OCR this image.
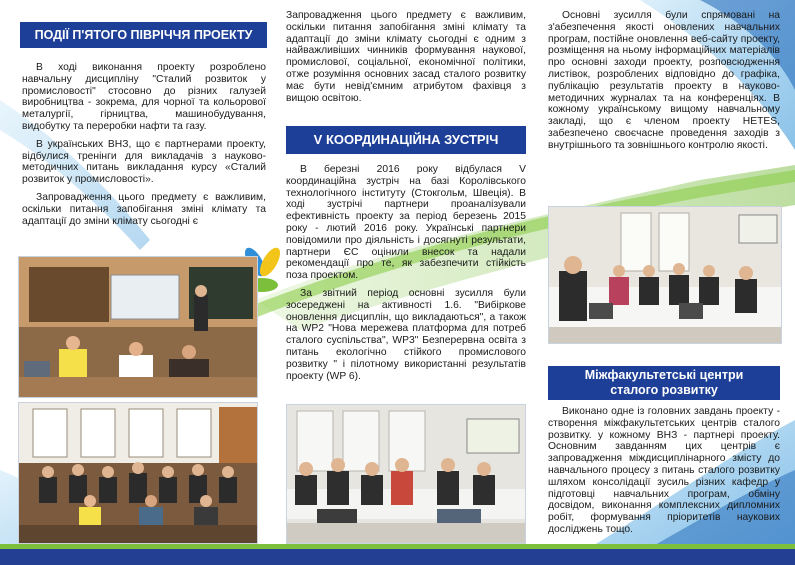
ПОДІЇ П'ЯТОГО ПІВРІЧЧЯ ПРОЕКТУ

В ході виконання проекту розроблено навчальну дисципліну "Сталий розвиток у промисловості" стосовно до різних галузей виробництва - зокрема, для чорної та кольорової металургії, гірництва, машинобудування, видобутку та переробки нафти та газу.

В українських ВНЗ, що є партнерами проекту, відбулися тренінги для викладачів з науково-методичних питань викладання курсу «Сталий розвиток у промисловості».

Запровадження цього предмету є важливим, оскільки питання запобігання зміні клімату та адаптації до зміни клімату сьогодні є

Запровадження цього предмету є важливим, оскільки питання запобігання зміні клімату та адаптації до зміни клімату сьогодні є одним з найважливіших чинників формування наукової, промислової, соціальної, економічної політики, отже розуміння основних засад сталого розвитку має бути невід'ємним атрибутом фахівця з вищою освітою.

V КООРДИНАЦІЙНА ЗУСТРІЧ

В березні 2016 року відбулася V координаційна зустріч на базі Королівського технологічного інституту (Стокгольм, Швеція). В ході зустрічі партнери проаналізували ефективність проекту за період березень 2015 року - лютий 2016 року. Українські партнери повідомили про діяльність і досягнуті результати, партнери ЄС оцінили внесок та надали рекомендації про те, як забезпечити стійкість поза проектом.

За звітний період основні зусилля були зосереджені на активності 1.6. "Вибіркове оновлення дисциплін, що викладаються", а також на WP2 "Нова мережева платформа для потреб сталого суспільства", WP3" Безперервна освіта з питань екологічно стійкого промислового розвитку " і пілотному використанні результатів проекту (WP 6).

Основні зусилля були спрямовані на з'абезпечення якості оновлених навчальних програм, постійне оновлення веб-сайту проекту, розміщення на ньому інформаційних матеріалів про основні заходи проекту, розповсюдження листівок, розроблених відповідно до графіка, публікацію результатів проекту в науково-методичних журналах та на конференціях. В кожному українському вищому навчальному закладі, що є членом проекту HETES, забезпечено своєчасне проведення заходів з внутрішнього та зовнішнього контролю якості.

Міжфакультетські центри
сталого розвитку

Виконано одне із головних завдань проекту - створення міжфакультетських центрів сталого розвитку. у кожному ВНЗ - партнері проекту. Основним завданням цих центрів є запровадження міждисциплінарного змісту до навчального процесу з питань сталого розвитку шляхом консолідації зусиль різних кафедр у підготовці навчальних програм, обміну досвідом, виконання комплексних дипломних робіт, формування пріоритетів наукових досліджень тощо.
